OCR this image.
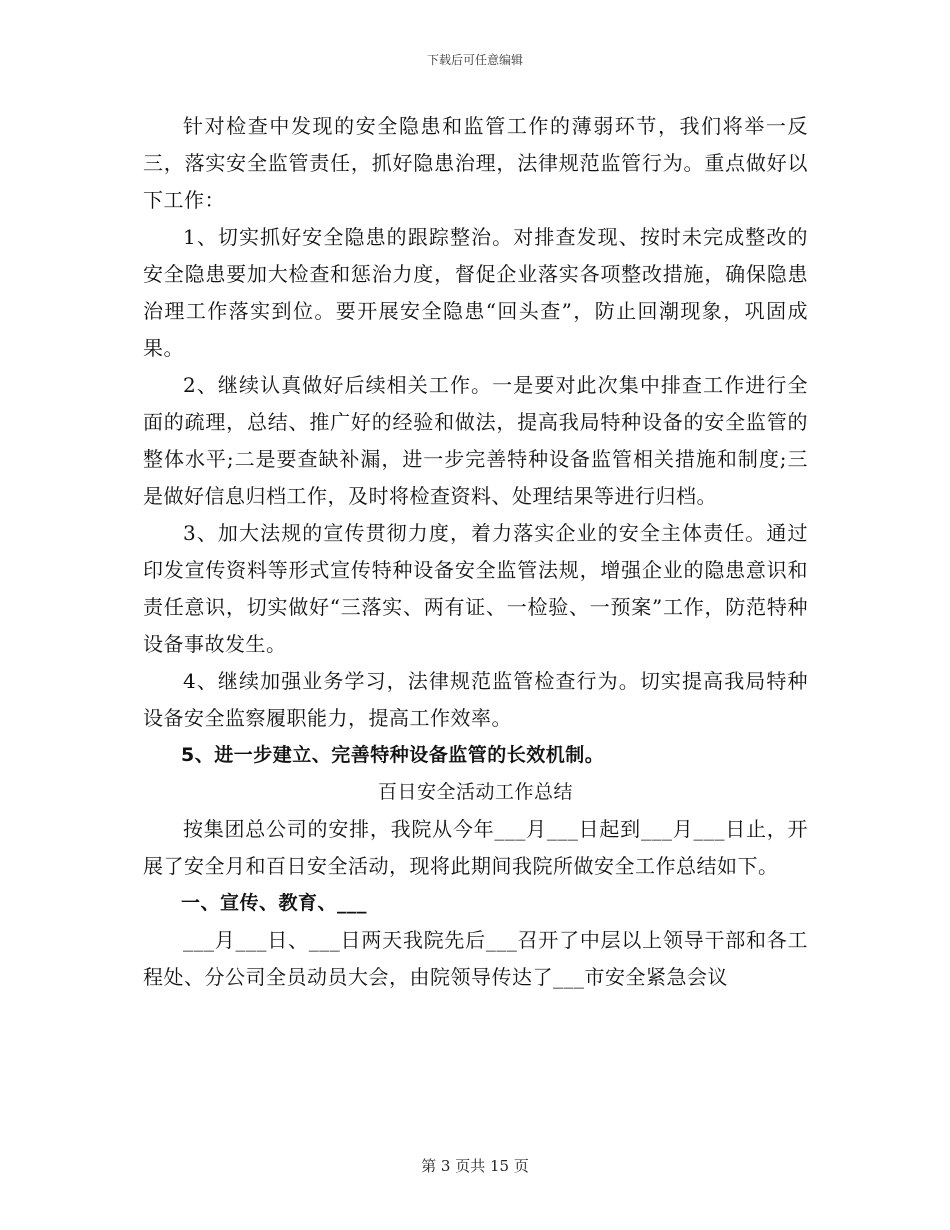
下载后可任意编辑

针对检查中发现的安全隐患和监管工作的薄弱环节，我们将举一反三，落实安全监管责任，抓好隐患治理，法律规范监管行为。重点做好以下工作：

1、切实抓好安全隐患的跟踪整治。对排查发现、按时未完成整改的安全隐患要加大检查和惩治力度，督促企业落实各项整改措施，确保隐患治理工作落实到位。要开展安全隐患“回头查”，防止回潮现象，巩固成果。

2、继续认真做好后续相关工作。一是要对此次集中排查工作进行全面的疏理，总结、推广好的经验和做法，提高我局特种设备的安全监管的整体水平;二是要查缺补漏，进一步完善特种设备监管相关措施和制度;三是做好信息归档工作，及时将检查资料、处理结果等进行归档。

3、加大法规的宣传贯彻力度，着力落实企业的安全主体责任。通过印发宣传资料等形式宣传特种设备安全监管法规，增强企业的隐患意识和责任意识，切实做好“三落实、两有证、一检验、一预案”工作，防范特种设备事故发生。

4、继续加强业务学习，法律规范监管检查行为。切实提高我局特种设备安全监察履职能力，提高工作效率。

5、进一步建立、完善特种设备监管的长效机制。

百日安全活动工作总结

按集团总公司的安排，我院从今年___月___日起到___月___日止，开展了安全月和百日安全活动，现将此期间我院所做安全工作总结如下。

一、宣传、教育、___

___月___日、___日两天我院先后___召开了中层以上领导干部和各工程处、分公司全员动员大会，由院领导传达了___市安全紧急会议

第 3 页共 15 页
